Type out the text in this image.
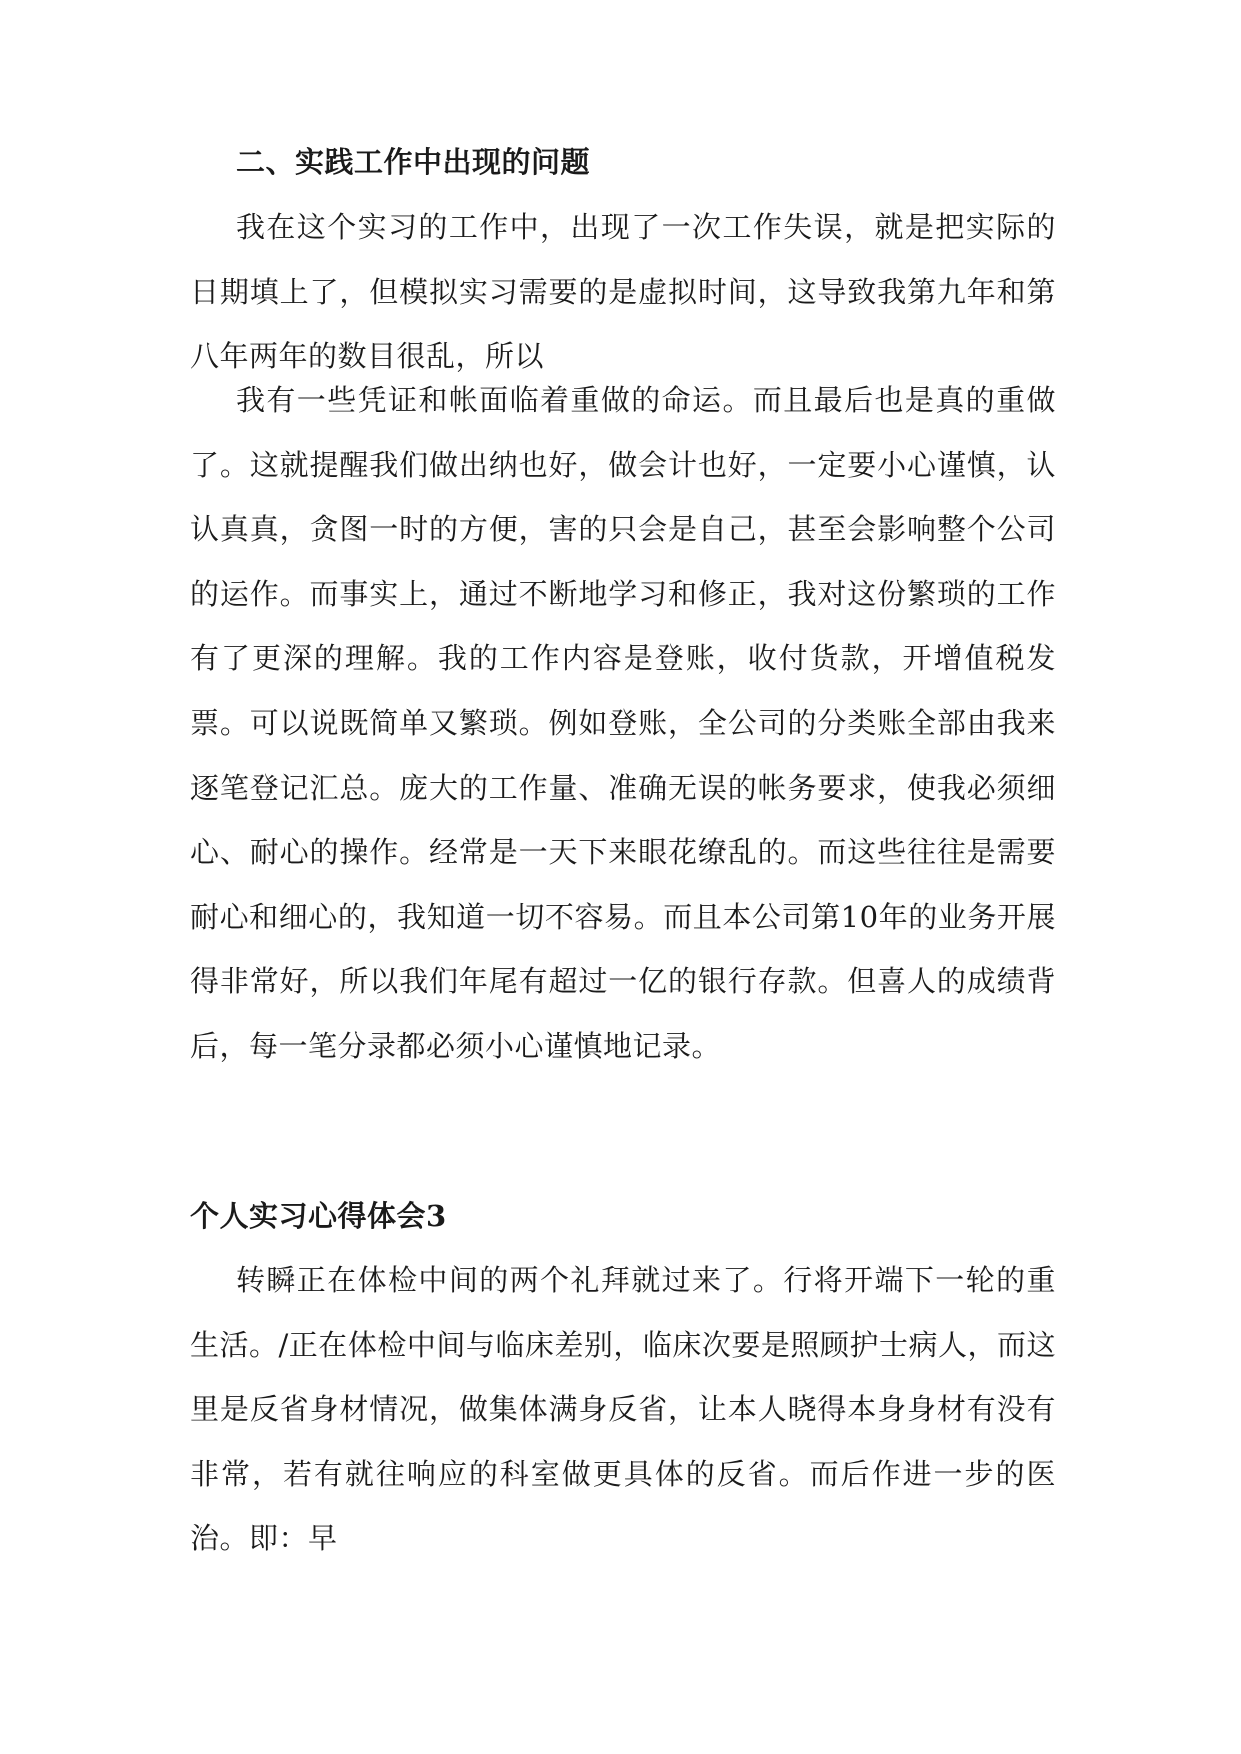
二、实践工作中出现的问题

我在这个实习的工作中，出现了一次工作失误，就是把实际的日期填上了，但模拟实习需要的是虚拟时间，这导致我第九年和第八年两年的数目很乱，所以

我有一些凭证和帐面临着重做的命运。而且最后也是真的重做了。这就提醒我们做出纳也好，做会计也好，一定要小心谨慎，认认真真，贪图一时的方便，害的只会是自己，甚至会影响整个公司的运作。而事实上，通过不断地学习和修正，我对这份繁琐的工作有了更深的理解。我的工作内容是登账，收付货款，开增值税发票。可以说既简单又繁琐。例如登账，全公司的分类账全部由我来逐笔登记汇总。庞大的工作量、准确无误的帐务要求，使我必须细心、耐心的操作。经常是一天下来眼花缭乱的。而这些往往是需要耐心和细心的，我知道一切不容易。而且本公司第10年的业务开展得非常好，所以我们年尾有超过一亿的银行存款。但喜人的成绩背后，每一笔分录都必须小心谨慎地记录。

个人实习心得体会3

转瞬正在体检中间的两个礼拜就过来了。行将开端下一轮的重生活。/正在体检中间与临床差别，临床次要是照顾护士病人，而这里是反省身材情况，做集体满身反省，让本人晓得本身身材有没有非常，若有就往响应的科室做更具体的反省。而后作进一步的医治。即：早
